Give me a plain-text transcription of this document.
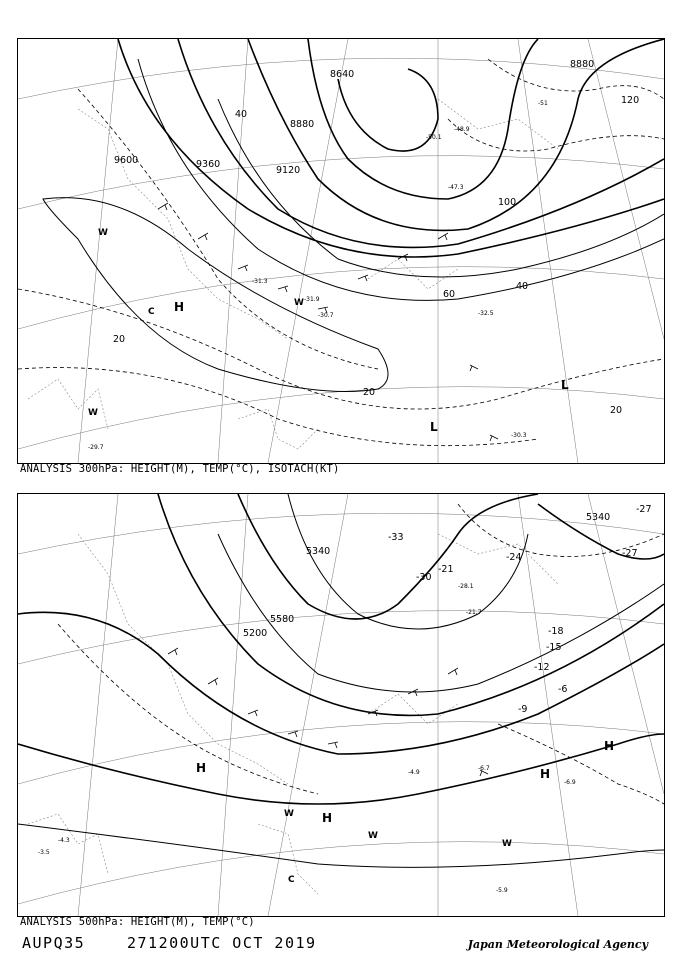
9600	9360
9120
8880
8640
8880
20
20
40
60
40
100
120
20
H
L
L
C
W
W
W
-30.3
-29.7
-32.5
-31.9
-30.7
-31.3
-47.3
-50.1
-48.9
-51
ANALYSIS 300hPa: HEIGHT(M), TEMP(°C), ISOTACH(KT)
5340
5580
5200
5340
-33
-30
-27
-27
-24
-21
-18
-15
-12
-9
-6
H
H
H
H
W
W
W
C
-5.9
-4.9
-6.7
-6.9
-4.3
-3.5
-21.7
-28.1
ANALYSIS 500hPa: HEIGHT(M), TEMP(°C)
AUPQ35	271200UTC OCT 2019	Japan Meteorological Agency
